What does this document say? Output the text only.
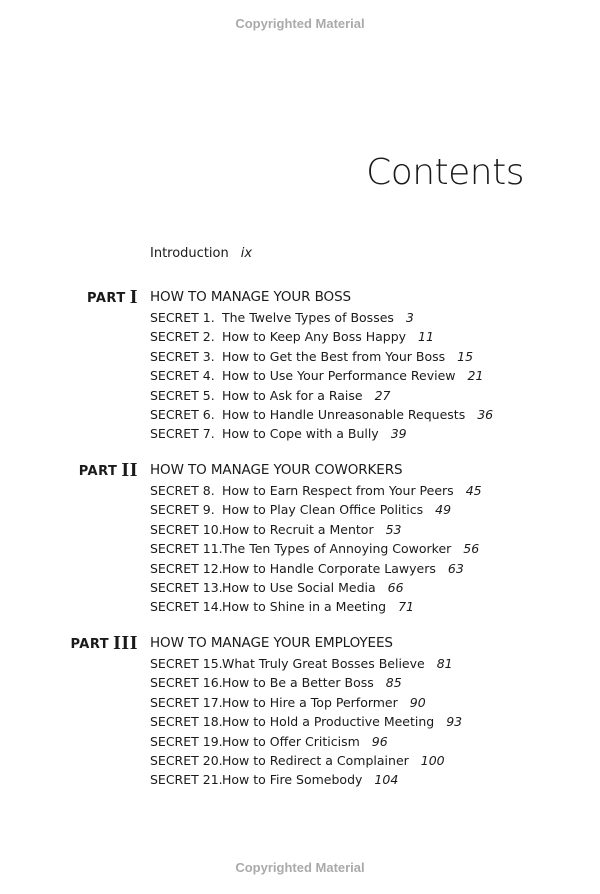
Copyrighted Material
Contents
Introduction ix
PART I HOW TO MANAGE YOUR BOSS
SECRET 1. The Twelve Types of Bosses 3
SECRET 2. How to Keep Any Boss Happy 11
SECRET 3. How to Get the Best from Your Boss 15
SECRET 4. How to Use Your Performance Review 21
SECRET 5. How to Ask for a Raise 27
SECRET 6. How to Handle Unreasonable Requests 36
SECRET 7. How to Cope with a Bully 39
PART II HOW TO MANAGE YOUR COWORKERS
SECRET 8. How to Earn Respect from Your Peers 45
SECRET 9. How to Play Clean Office Politics 49
SECRET 10. How to Recruit a Mentor 53
SECRET 11. The Ten Types of Annoying Coworker 56
SECRET 12. How to Handle Corporate Lawyers 63
SECRET 13. How to Use Social Media 66
SECRET 14. How to Shine in a Meeting 71
PART III HOW TO MANAGE YOUR EMPLOYEES
SECRET 15. What Truly Great Bosses Believe 81
SECRET 16. How to Be a Better Boss 85
SECRET 17. How to Hire a Top Performer 90
SECRET 18. How to Hold a Productive Meeting 93
SECRET 19. How to Offer Criticism 96
SECRET 20. How to Redirect a Complainer 100
SECRET 21. How to Fire Somebody 104
Copyrighted Material
